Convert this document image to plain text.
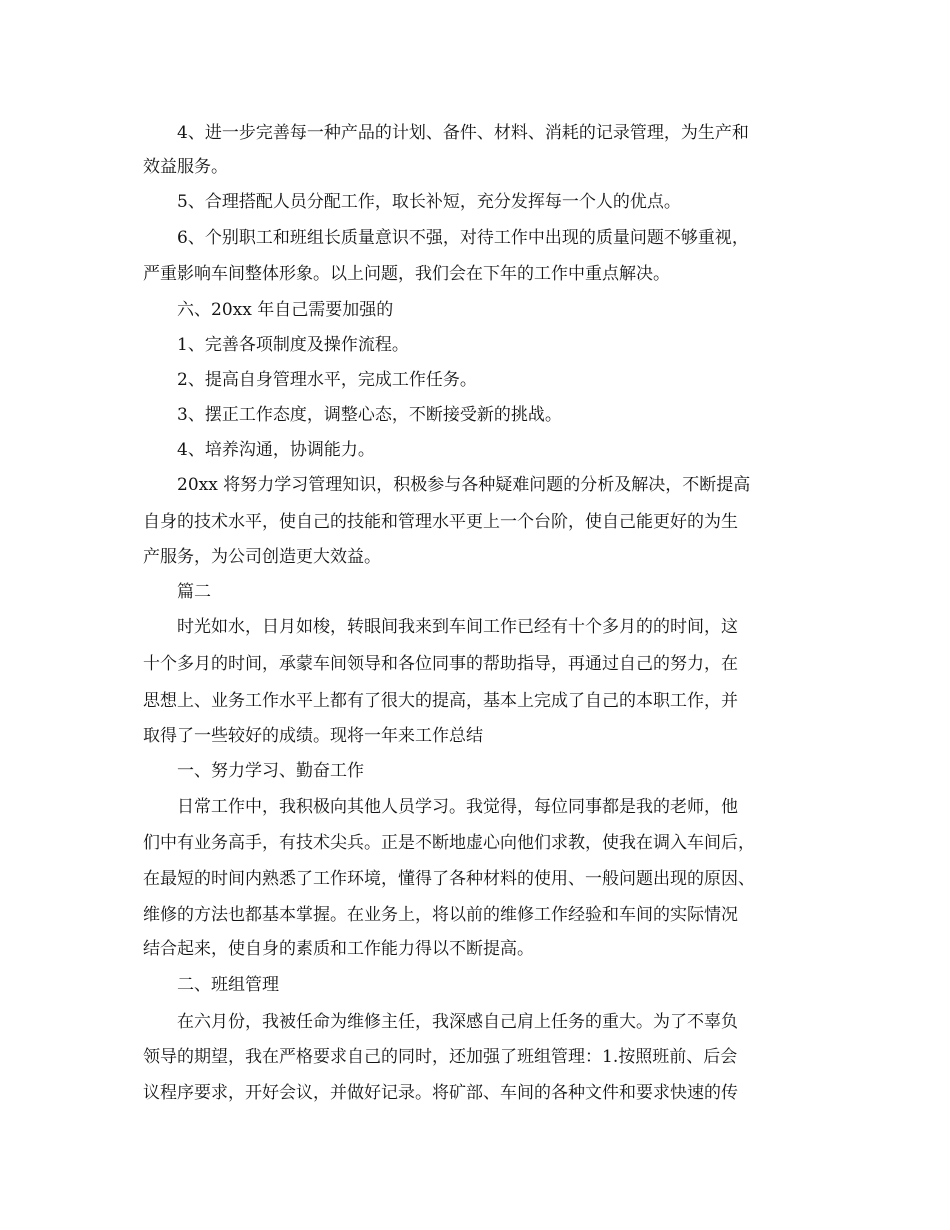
4、进一步完善每一种产品的计划、备件、材料、消耗的记录管理，为生产和
效益服务。
5、合理搭配人员分配工作，取长补短，充分发挥每一个人的优点。
6、个别职工和班组长质量意识不强，对待工作中出现的质量问题不够重视，
严重影响车间整体形象。以上问题，我们会在下年的工作中重点解决。
六、20xx 年自己需要加强的
1、完善各项制度及操作流程。
2、提高自身管理水平，完成工作任务。
3、摆正工作态度，调整心态，不断接受新的挑战。
4、培养沟通，协调能力。
20xx 将努力学习管理知识，积极参与各种疑难问题的分析及解决，不断提高
自身的技术水平，使自己的技能和管理水平更上一个台阶，使自己能更好的为生
产服务，为公司创造更大效益。
篇二
时光如水，日月如梭，转眼间我来到车间工作已经有十个多月的的时间，这
十个多月的时间，承蒙车间领导和各位同事的帮助指导，再通过自己的努力，在
思想上、业务工作水平上都有了很大的提高，基本上完成了自己的本职工作，并
取得了一些较好的成绩。现将一年来工作总结
一、努力学习、勤奋工作
日常工作中，我积极向其他人员学习。我觉得，每位同事都是我的老师，他
们中有业务高手，有技术尖兵。正是不断地虚心向他们求教，使我在调入车间后，
在最短的时间内熟悉了工作环境，懂得了各种材料的使用、一般问题出现的原因、
维修的方法也都基本掌握。在业务上，将以前的维修工作经验和车间的实际情况
结合起来，使自身的素质和工作能力得以不断提高。
二、班组管理
在六月份，我被任命为维修主任，我深感自己肩上任务的重大。为了不辜负
领导的期望，我在严格要求自己的同时，还加强了班组管理：1.按照班前、后会
议程序要求，开好会议，并做好记录。将矿部、车间的各种文件和要求快速的传
